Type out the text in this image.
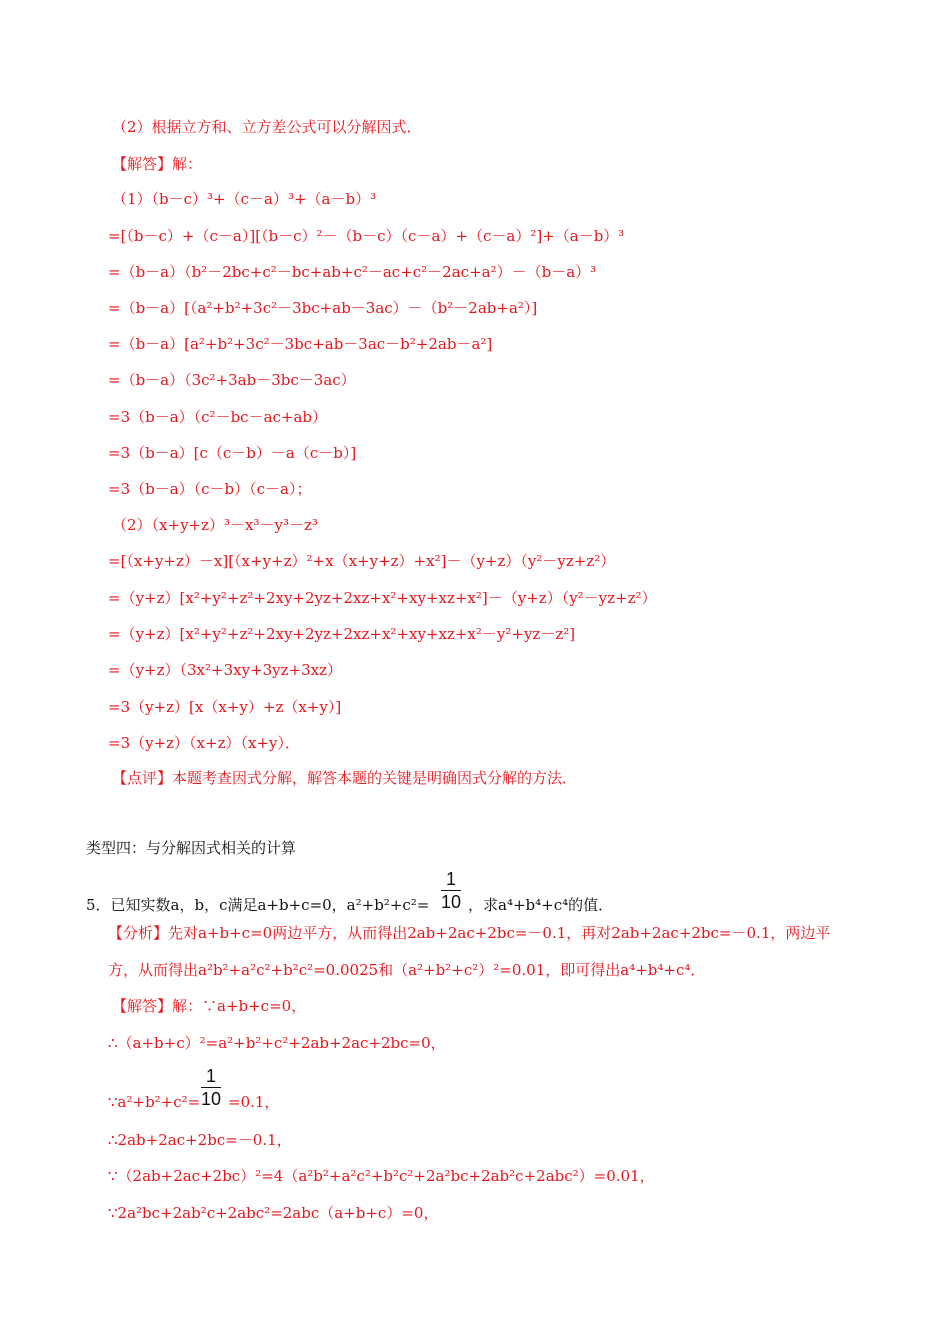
（2）根据立方和、立方差公式可以分解因式．
【解答】解：
（1）（b－c）³+（c－a）³+（a－b）³
=[（b－c）+（c－a）][（b－c）²－（b－c）（c－a）+（c－a）²]+（a－b）³
=（b－a）（b²－2bc+c²－bc+ab+c²－ac+c²－2ac+a²）－（b－a）³
=（b－a）[（a²+b²+3c²－3bc+ab－3ac）－（b²－2ab+a²）]
=（b－a）[a²+b²+3c²－3bc+ab－3ac－b²+2ab－a²]
=（b－a）（3c²+3ab－3bc－3ac）
=3（b－a）（c²－bc－ac+ab）
=3（b－a）[c（c－b）－a（c－b）]
=3（b－a）（c－b）（c－a）；
（2）（x+y+z）³－x³－y³－z³
=[（x+y+z）－x][（x+y+z）²+x（x+y+z）+x²]－（y+z）（y²－yz+z²）
=（y+z）[x²+y²+z²+2xy+2yz+2xz+x²+xy+xz+x²]－（y+z）（y²－yz+z²）
=（y+z）[x²+y²+z²+2xy+2yz+2xz+x²+xy+xz+x²－y²+yz－z²]
=（y+z）（3x²+3xy+3yz+3xz）
=3（y+z）[x（x+y）+z（x+y）]
=3（y+z）（x+z）（x+y）．
【点评】本题考查因式分解，解答本题的关键是明确因式分解的方法．
类型四：与分解因式相关的计算
5．已知实数a，b，c满足a+b+c=0，a²+b²+c²=
1
10 ，求a⁴+b⁴+c⁴的值．
【分析】先对a+b+c=0两边平方，从而得出2ab+2ac+2bc=－0.1，再对2ab+2ac+2bc=－0.1，两边平
方，从而得出a²b²+a²c²+b²c²=0.0025和（a²+b²+c²）²=0.01，即可得出a⁴+b⁴+c⁴．
【解答】解：∵a+b+c=0，
∴（a+b+c）²=a²+b²+c²+2ab+2ac+2bc=0，
∵a²+b²+c²=
1
10 =0.1，
∴2ab+2ac+2bc=－0.1，
∵（2ab+2ac+2bc）²=4（a²b²+a²c²+b²c²+2a²bc+2ab²c+2abc²）=0.01，
∵2a²bc+2ab²c+2abc²=2abc（a+b+c）=0，
